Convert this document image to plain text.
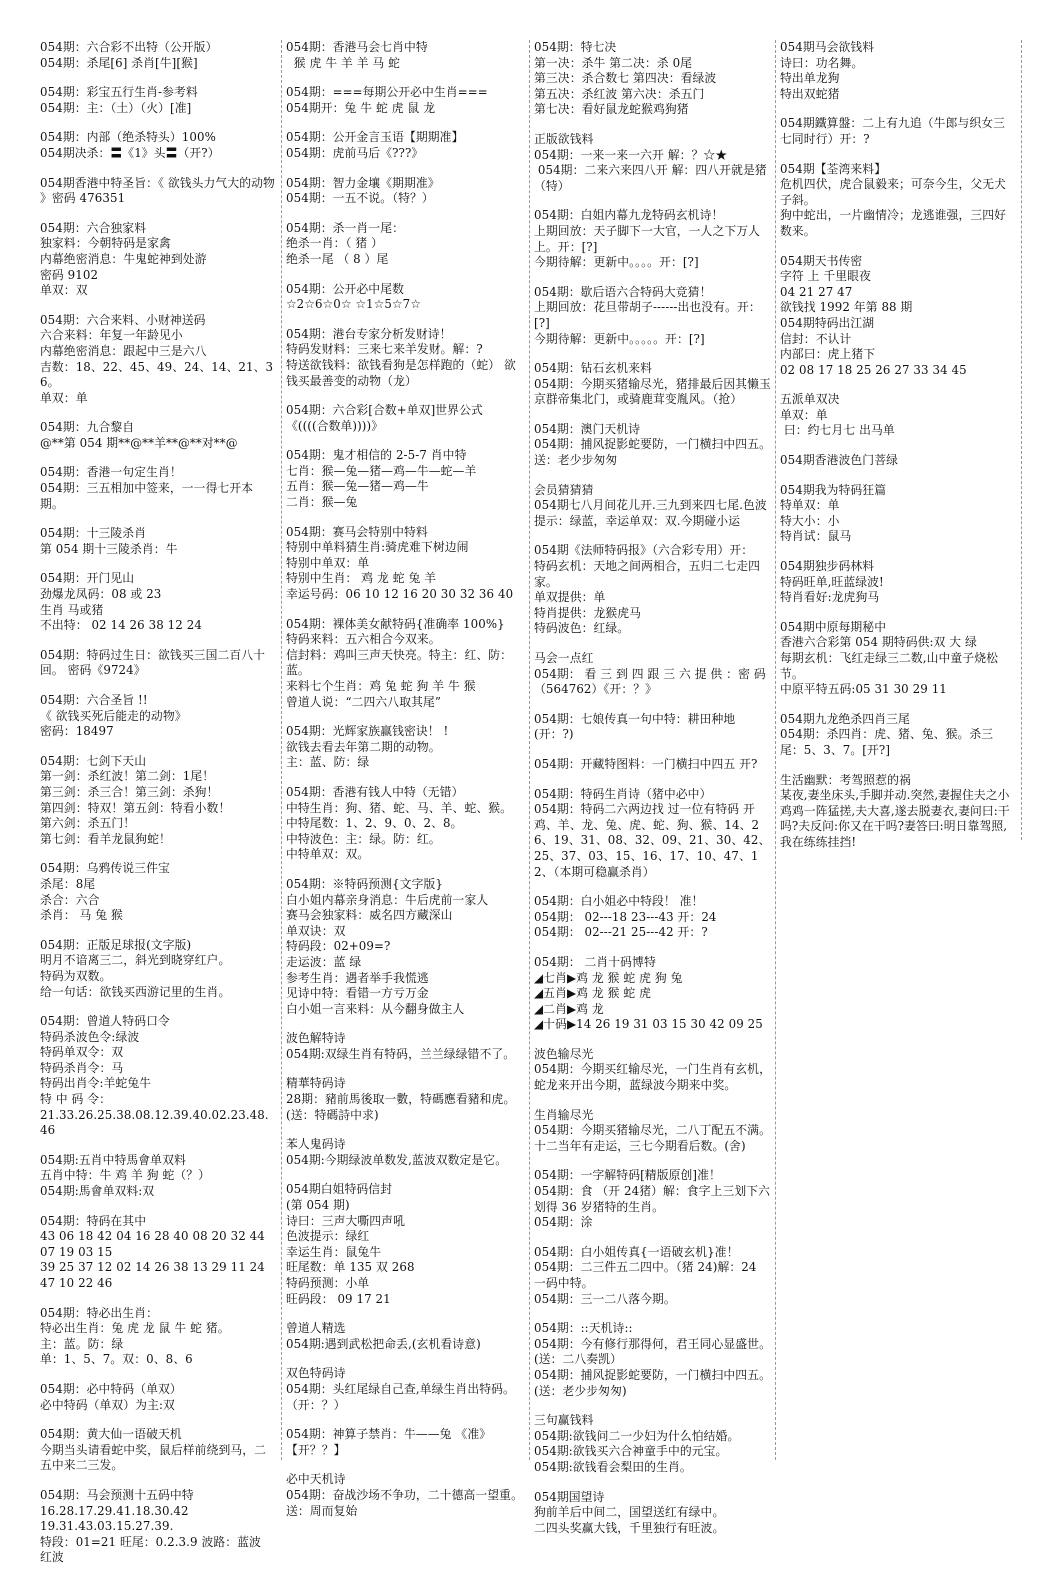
054期：六合彩不出特（公开版）
054期：杀尾[6] 杀肖[牛][猴]
054期：彩宝五行生肖-参考料
054期：主：（土）（火）[准]
054期：内部（绝杀特头）100%
054期决杀：〓《1》头〓（开?）
054期香港中特圣旨：《 欲钱头力气大的动物 》密码 476351
054期：六合独家料
独家料：今朝特码是家禽
内幕绝密消息：牛鬼蛇神到处游
密码 9102
单双：双
054期：六合来料、小财神送码
六合来料：年复一年龄见小
内幕绝密消息：跟起中三是六八
吉数：18、22、45、49、24、14、21、36。
单双：单
054期：九合黎自
@**第 054 期**@**羊**@**对**@
054期：香港一句定生肖！
054期：三五相加中签来，一一得七开本期。
054期：十三陵杀肖
第 054 期十三陵杀肖：牛
054期：开门见山
劲爆龙凤码：08 或 23
生肖 马或猪
不出特： 02 14 26 38 12 24
054期：特码过生日：欲钱买三国二百八十回。 密码《9724》
054期：六合圣旨 !!
《 欲钱买死后能走的动物》
密码：18497
054期：七剑下天山
第一剑：杀红波！第二剑：1尾！
第三剑：杀三合！第三剑：杀狗！
第四剑：特双！第五剑：特看小数！
第六剑：杀五门！
第七剑：看羊龙鼠狗蛇！
054期：乌鸦传说三件宝
杀尾：8尾
杀合：六合
杀肖： 马 兔 猴
054期：正版足球报(文字版)
明月不谙离三二，斜光到晓穿红户。
特码为双数。
给一句话：欲钱买西游记里的生肖。
054期：曾道人特码口令
特码杀波色令:绿波
特码单双令：双
特码杀肖令：马
特码出肖令:羊蛇兔牛
特 中 码 令：
21.33.26.25.38.08.12.39.40.02.23.48.46
054期:五肖中特馬會单双料
五肖中特：牛 鸡 羊 狗 蛇（？）
054期:馬會单双料:双
054期：特码在其中
43 06 18 42 04 16 28 40 08 20 32 44 07 19 03 15
39 25 37 12 02 14 26 38 13 29 11 24 47 10 22 46
054期：特必出生肖：
特必出生肖：兔 虎 龙 鼠 牛 蛇 猪。
主：蓝。防：绿
单：1、5、7。双：0、8、6
054期：必中特码（单双）
必中特码（单双）为主:双
054期：黄大仙一语破天机
今期当头请看蛇中奖，鼠后样前绕到马，二五中来二三发。
054期：马会预测十五码中特
16.28.17.29.41.18.30.42
19.31.43.03.15.27.39.
特段：01=21 旺尾：0.2.3.9 波路：蓝波 红波
054期：香港马会七肖中特
猴 虎 牛 羊 羊 马 蛇
054期：===每期公开必中生肖===
054期开：兔 牛 蛇 虎 鼠 龙
054期：公开金言玉语【期期准】
054期：虎前马后《???》
054期：智力金壤《期期准》
054期：一五不说。（特？）
054期：杀一肖一尾：
绝杀一肖：（ 猪 ）
绝杀一尾 （ 8 ）尾
054期：公开必中尾数
☆2☆6☆0☆ ☆1☆5☆7☆
054期：港台专家分析发财诗！
特码发财料：三来七来羊发财。解：?
特送欲钱料：欲钱看狗是怎样跑的（蛇） 欲钱买最善变的动物（龙）
054期：六合彩[合数+单双]世界公式
《((((合数单))))》
054期：鬼才相信的 2-5-7 肖中特
七肖：猴—兔—猪—鸡—牛—蛇—羊
五肖：猴—兔—猪—鸡—牛
二肖：猴—兔
054期：赛马会特别中特料
特别中单料猜生肖:骑虎难下树边闹
特别中单双：单
特别中生肖： 鸡 龙 蛇 兔 羊
幸运号码：06 10 12 16 20 30 32 36 40
054期：裸体美女献特码{准确率 100%}
特码来料：五六相合今双来。
信封料：鸡叫三声天快亮。特主：红、防：蓝。
来料七个生肖：鸡 兔 蛇 狗 羊 牛 猴
曾道人说：“二四六八取其尾”
054期：光辉家族赢钱密诀！ !
欲钱去看去年第二期的动物。
主：蓝、防：绿
054期：香港有钱人中特（无错）
中特生肖：狗、猪、蛇、马、羊、蛇、猴。
中特尾数：1、2、9、0、2、8。
中特波色：主：绿。防：红。
中特单双：双。
054期：※特码预测{文字版}
白小姐内幕亲身消息：牛后虎前一家人
赛马会独家料：威名四方藏深山
单双诀：双
特码段：02+09=?
走运波：蓝 绿
参考生肖：遇者举手我慌逃
见诗中特：看错一方亏万金
白小姐一言来料：从今翻身做主人
波色解特诗
054期:双绿生肖有特码，兰兰绿绿错不了。
精華特码诗
28期：豬前馬後取一數，特碼應看豬和虎。(送：特碼詩中求)
苯人鬼码诗
054期:今期绿波单数发,蓝波双数定是它。
054期白姐特码信封
(第 054 期)
诗曰：三声大嘶四声吼
色波提示：绿红
幸运生肖：鼠兔牛
旺尾数：单 135 双 268
特码预测：小单
旺码段： 09 17 21
曾道人精选
054期:遇到武松把命丢,(玄机看诗意)
双色特码诗
054期：头红尾绿自己查,单绿生肖出特码。（开：？）
054期：神算子禁肖：牛——兔 《准》【开？？】
必中天机诗
054期：奋战沙场不争功，二十德高一望重。 送：周而复始
054期：特七决
第一决：杀牛 第二决：杀 0尾
第三决：杀合数七 第四决：看绿波
第五决：杀红波 第六决：杀五门
第七决：看好鼠龙蛇猴鸡狗猪
正版欲钱料
054期：一来一来一六开 解：？☆★
054期：二来六来四八开 解：四八开就是猪（特）
054期：白姐内幕九龙特码玄机诗！
上期回放：天子脚下一大官，一人之下万人上。开：[?]
今期待解：更新中。。。。开：[?]
054期：歇后语六合特码大竞猜！
上期回放：花旦带胡子------出也没有。开：[?]
今期待解：更新中。。。。。开：[?]
054期：钻石玄机来料
054期：今期买猪输尽光，猪排最后因其懒玉京群帝集北门，或骑鹿茸变胤风。（抢）
054期：澳门天机诗
054期：捕风捉影蛇要防，一门横扫中四五。送：老少步匆匆
会员猜猜猜
054期七八月间花儿开.三九到来四七尾.色波提示：绿蓝，幸运单双：双.今期碰小运
054期《法师特码报》（六合彩专用）开：
特码玄机：天地之间两相合，五归二七走四家。
单双提供：单
特肖提供：龙猴虎马
特码波色：红绿。
马会一点红
054期： 看 三 到 四 跟 三 六 提 供 ：密 码（564762）《开：？》
054期：七娘传真一句中特：耕田种地(开：?)
054期：开藏特图料：一门横扫中四五 开?
054期：特码生肖诗（猪中必中）
054期：特码二六两边找 过一位有特码 开
鸡、羊、龙、兔、虎、蛇、狗、猴、14、26、19、31、08、32、09、21、30、42、25、37、03、15、16、17、10、47、12、（本期可稳赢杀肖）
054期：白小姐必中特段！ 准！
054期： 02---18 23---43 开：24
054期： 02---21 25---42 开：?
054期： 二肖十码博特
◢七肖▶鸡 龙 猴 蛇 虎 狗 兔
◢五肖▶鸡 龙 猴 蛇 虎
◢二肖▶鸡 龙
◢十码▶14 26 19 31 03 15 30 42 09 25
波色输尽光
054期：今期买红输尽光，一门生肖有玄机，蛇龙来开出今期，蓝绿波今期来中奖。
生肖输尽光
054期：今期买猪输尽光，二八丁配五不满。十二当年有走运，三七今期看后数。(舍)
054期：一字解特码[精版原创]准！
054期：食 （开 24猪）解：食字上三划下六划得 36 岁猪特的生肖。
054期：涂
054期：白小姐传真{一语破玄机}准！
054期：二三件五二四中。（猪 24)解：24 一码中特。
054期：三一二八落今期。
054期：::天机诗::
054期：今有修行那得何，君王同心显盛世。(送：二八奏凯）
054期：捕风捉影蛇要防，一门横扫中四五。(送：老少步匆匆)
三句赢钱料
054期:欲钱问二一少妇为什么怕结婚。
054期:欲钱买六合神童手中的元宝。
054期:欲钱看会梨田的生肖。
054期国望诗
狗前羊后中间二，国望送红有绿中。
二四头奖赢大钱，千里独行有旺波。
054期马会欲钱料
诗曰：功名舞。
特出单龙狗
特出双蛇猪
054期鐵算盤：二上有九追（牛郎与织女三七同时行）开：?
054期【荃湾来料】
危机四伏，虎合鼠毅来；可奈今生，父无犬子斜。
狗中蛇出，一片幽情冷；龙逃谁强，三四好数来。
054期天书传密
字符 上 千里眼夜
04 21 27 47
欲钱找 1992 年第 88 期
054期特码出江湖
信封：不认计
内部曰：虎上猪下
02 08 17 18 25 26 27 33 34 45
五派单双决
单双：单
曰：约七月七 出马单
054期香港波色门菩绿
054期我为特码狂篇
特单双：单
特大小：小
特肖试：鼠马
054期独步码林料
特码旺单,旺蓝绿波!
特肖看好:龙虎狗马
054期中原每期秘中
香港六合彩第 054 期特码供:双 大 绿
每期玄机：飞红走绿三二数,山中童子烧松节。
中原平特五码:05 31 30 29 11
054期九龙绝杀四肖三尾
054期：杀四肖：虎、猪、兔、猴。杀三尾：5、3、7。[开?]
生活幽默：考驾照惹的祸
某夜,妻坐床头,手脚并动.突然,妻握住夫之小鸡鸡一阵猛搓,夫大喜,遂去脱妻衣,妻问曰:干吗?夫反问:你又在干吗?妻答曰:明日靠驾照,我在练练挂挡!
